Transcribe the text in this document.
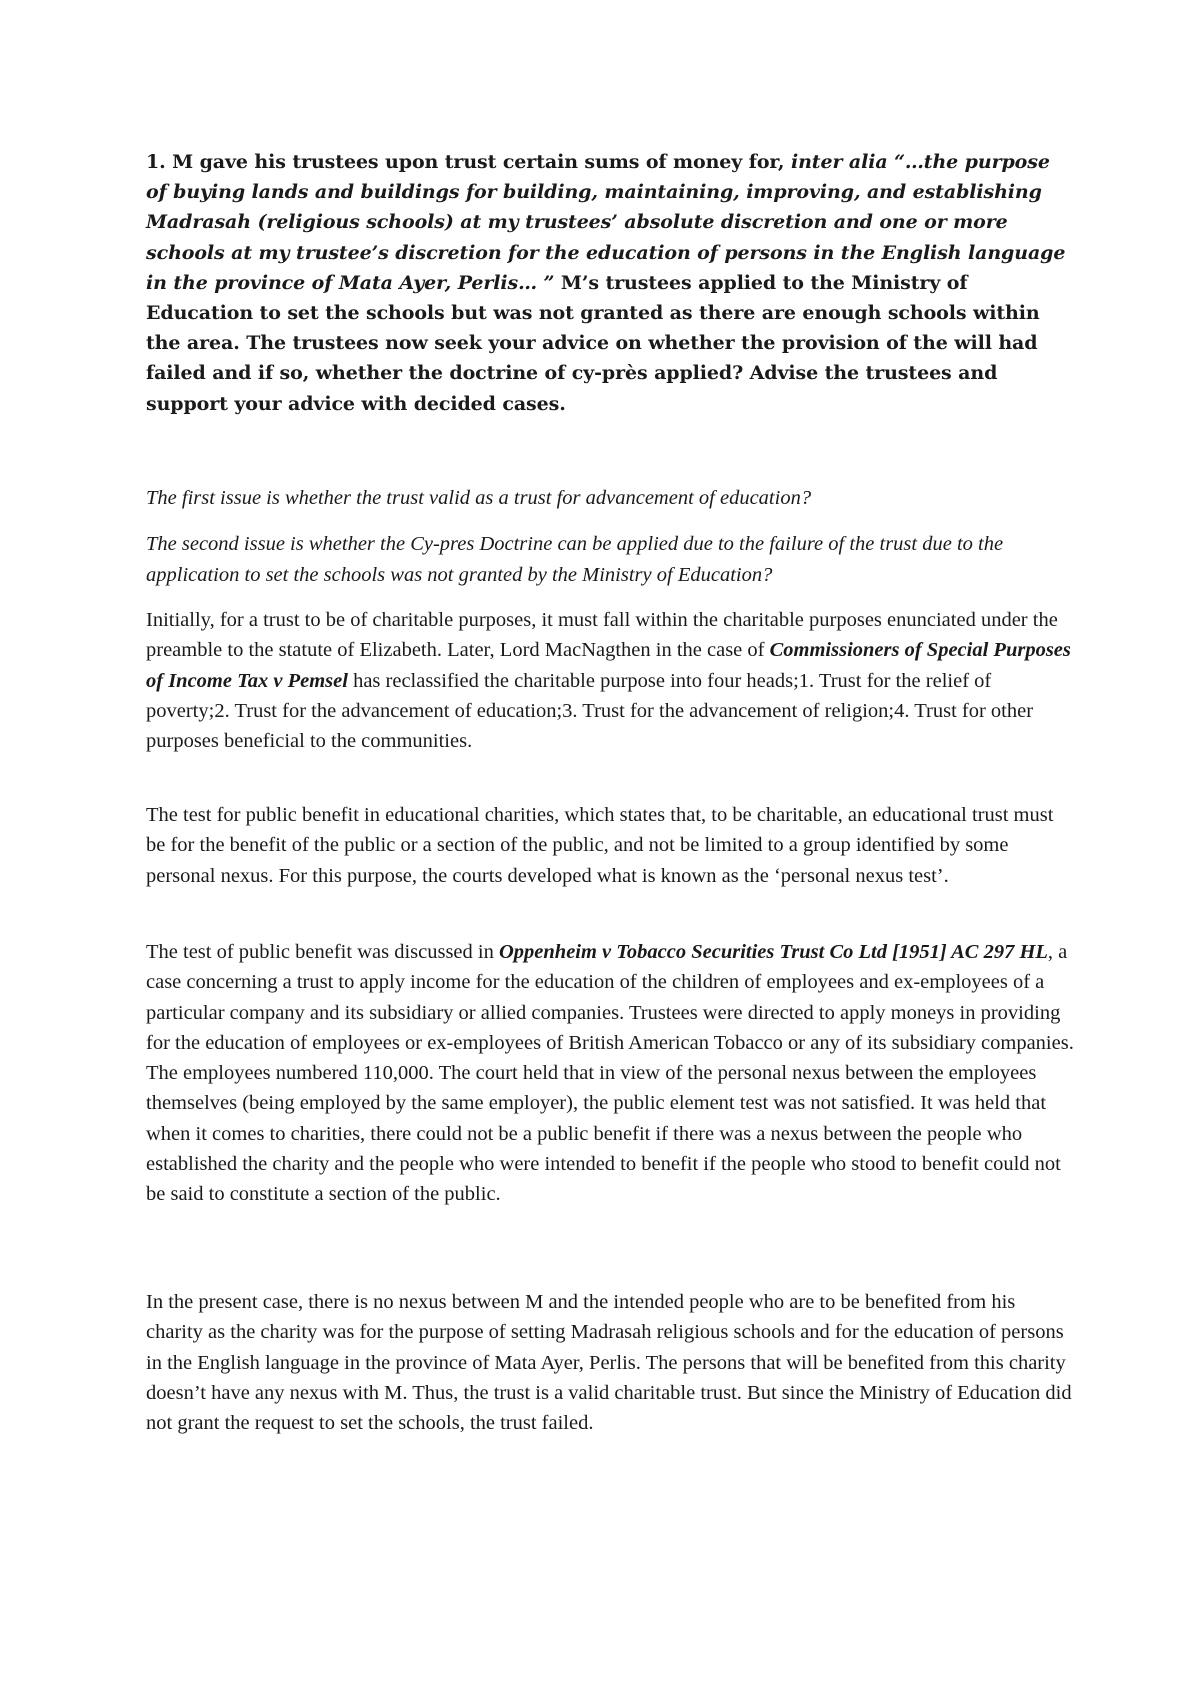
1. M gave his trustees upon trust certain sums of money for, inter alia “…the purpose of buying lands and buildings for building, maintaining, improving, and establishing Madrasah (religious schools) at my trustees’ absolute discretion and one or more schools at my trustee’s discretion for the education of persons in the English language in the province of Mata Ayer, Perlis… ” M’s trustees applied to the Ministry of Education to set the schools but was not granted as there are enough schools within the area. The trustees now seek your advice on whether the provision of the will had failed and if so, whether the doctrine of cy-près applied? Advise the trustees and support your advice with decided cases.

The first issue is whether the trust valid as a trust for advancement of education?

The second issue is whether the Cy-pres Doctrine can be applied due to the failure of the trust due to the application to set the schools was not granted by the Ministry of Education?

Initially, for a trust to be of charitable purposes, it must fall within the charitable purposes enunciated under the preamble to the statute of Elizabeth. Later, Lord MacNagthen in the case of Commissioners of Special Purposes of Income Tax v Pemsel has reclassified the charitable purpose into four heads;1. Trust for the relief of poverty;2. Trust for the advancement of education;3. Trust for the advancement of religion;4. Trust for other purposes beneficial to the communities.

The test for public benefit in educational charities, which states that, to be charitable, an educational trust must be for the benefit of the public or a section of the public, and not be limited to a group identified by some personal nexus. For this purpose, the courts developed what is known as the ‘personal nexus test’.

The test of public benefit was discussed in Oppenheim v Tobacco Securities Trust Co Ltd [1951] AC 297 HL, a case concerning a trust to apply income for the education of the children of employees and ex-employees of a particular company and its subsidiary or allied companies. Trustees were directed to apply moneys in providing for the education of employees or ex-employees of British American Tobacco or any of its subsidiary companies. The employees numbered 110,000. The court held that in view of the personal nexus between the employees themselves (being employed by the same employer), the public element test was not satisfied. It was held that when it comes to charities, there could not be a public benefit if there was a nexus between the people who established the charity and the people who were intended to benefit if the people who stood to benefit could not be said to constitute a section of the public.

In the present case, there is no nexus between M and the intended people who are to be benefited from his charity as the charity was for the purpose of setting Madrasah religious schools and for the education of persons in the English language in the province of Mata Ayer, Perlis. The persons that will be benefited from this charity doesn’t have any nexus with M. Thus, the trust is a valid charitable trust. But since the Ministry of Education did not grant the request to set the schools, the trust failed.
